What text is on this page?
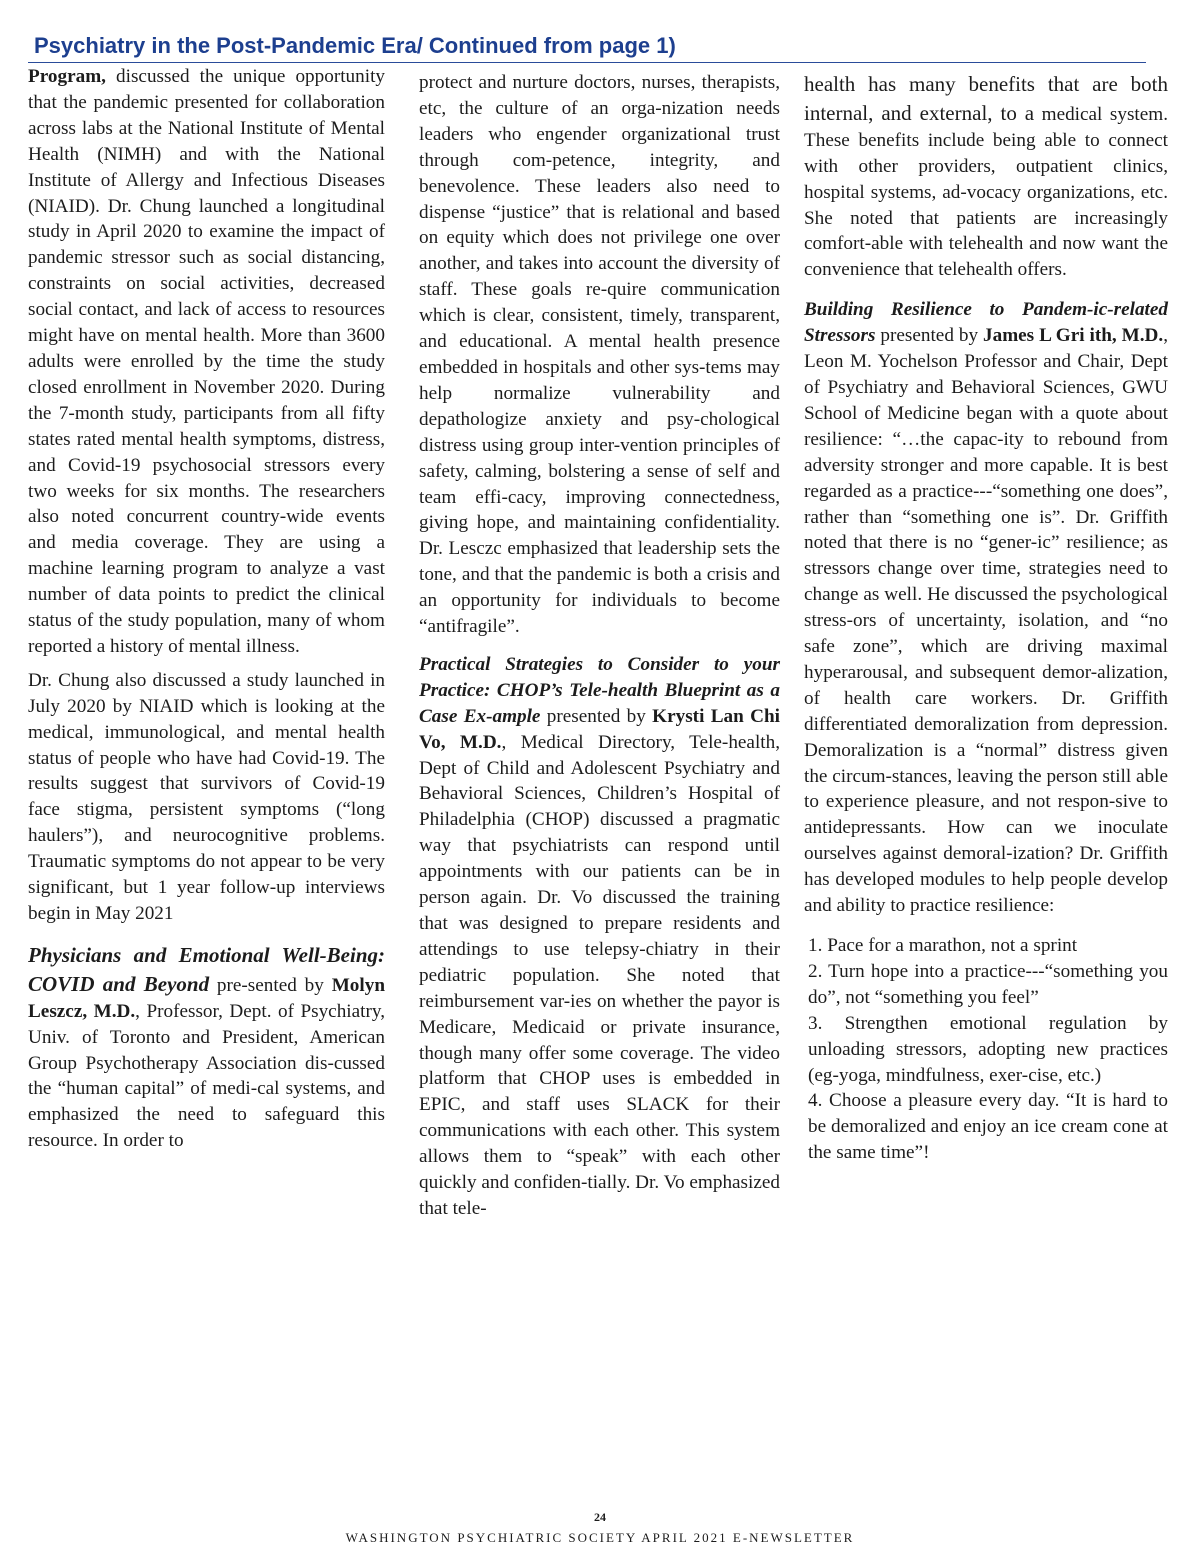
Psychiatry in the Post-Pandemic Era/ Continued from page 1)

Program, discussed the unique opportunity that the pandemic presented for collaboration across labs at the National Institute of Mental Health (NIMH) and with the National Institute of Allergy and Infectious Diseases (NIAID). Dr. Chung launched a longitudinal study in April 2020 to examine the impact of pandemic stressor such as social distancing, constraints on social activities, decreased social contact, and lack of access to resources might have on mental health. More than 3600 adults were enrolled by the time the study closed enrollment in November 2020. During the 7-month study, participants from all fifty states rated mental health symptoms, distress, and Covid-19 psychosocial stressors every two weeks for six months. The researchers also noted concurrent country-wide events and media coverage. They are using a machine learning program to analyze a vast number of data points to predict the clinical status of the study population, many of whom reported a history of mental illness.

Dr. Chung also discussed a study launched in July 2020 by NIAID which is looking at the medical, immunological, and mental health status of people who have had Covid-19. The results suggest that survivors of Covid-19 face stigma, persistent symptoms (“long haulers”), and neurocognitive problems. Traumatic symptoms do not appear to be very significant, but 1 year follow-up interviews begin in May 2021

Physicians and Emotional Well-Being: COVID and Beyond pre-sented by Molyn Leszcz, M.D., Professor, Dept. of Psychiatry, Univ. of Toronto and President, American Group Psychotherapy Association dis-cussed the “human capital” of medi-cal systems, and emphasized the need to safeguard this resource. In order to

protect and nurture doctors, nurses, therapists, etc, the culture of an orga-nization needs leaders who engender organizational trust through com-petence, integrity, and benevolence. These leaders also need to dispense “justice” that is relational and based on equity which does not privilege one over another, and takes into account the diversity of staff. These goals re-quire communication which is clear, consistent, timely, transparent, and educational. A mental health presence embedded in hospitals and other sys-tems may help normalize vulnerability and depathologize anxiety and psy-chological distress using group inter-vention principles of safety, calming, bolstering a sense of self and team effi-cacy, improving connectedness, giving hope, and maintaining confidentiality. Dr. Lesczc emphasized that leadership sets the tone, and that the pandemic is both a crisis and an opportunity for individuals to become “antifragile”.

Practical Strategies to Consider to your Practice: CHOP’s Tele-health Blueprint as a Case Ex-ample presented by Krysti Lan Chi Vo, M.D., Medical Directory, Tele-health, Dept of Child and Adolescent Psychiatry and Behavioral Sciences, Children’s Hospital of Philadelphia (CHOP) discussed a pragmatic way that psychiatrists can respond until appointments with our patients can be in person again. Dr. Vo discussed the training that was designed to prepare residents and attendings to use telepsy-chiatry in their pediatric population. She noted that reimbursement var-ies on whether the payor is Medicare, Medicaid or private insurance, though many offer some coverage. The video platform that CHOP uses is embedded in EPIC, and staff uses SLACK for their communications with each other. This system allows them to “speak” with each other quickly and confiden-tially. Dr. Vo emphasized that tele-

health has many benefits that are both internal, and external, to a medical system. These benefits include being able to connect with other providers, outpatient clinics, hospital systems, ad-vocacy organizations, etc. She noted that patients are increasingly comfort-able with telehealth and now want the convenience that telehealth offers.

Building Resilience to Pandem-ic-related Stressors presented by James L Gri ith, M.D., Leon M. Yochelson Professor and Chair, Dept of Psychiatry and Behavioral Sciences, GWU School of Medicine began with a quote about resilience: “…the capac-ity to rebound from adversity stronger and more capable. It is best regarded as a practice---“something one does”, rather than “something one is”. Dr. Griffith noted that there is no “gener-ic” resilience; as stressors change over time, strategies need to change as well. He discussed the psychological stress-ors of uncertainty, isolation, and “no safe zone”, which are driving maximal hyperarousal, and subsequent demor-alization, of health care workers. Dr. Griffith differentiated demoralization from depression. Demoralization is a “normal” distress given the circum-stances, leaving the person still able to experience pleasure, and not respon-sive to antidepressants. How can we inoculate ourselves against demoral-ization? Dr. Griffith has developed modules to help people develop and ability to practice resilience:

1. Pace for a marathon, not a sprint
2. Turn hope into a practice---“something you do”, not “something you feel”
3. Strengthen emotional regulation by unloading stressors, adopting new practices (eg-yoga, mindfulness, exer-cise, etc.)
4. Choose a pleasure every day. “It is hard to be demoralized and enjoy an ice cream cone at the same time”!
24
WASHINGTON PSYCHIATRIC SOCIETY APRIL 2021 E-NEWSLETTER
